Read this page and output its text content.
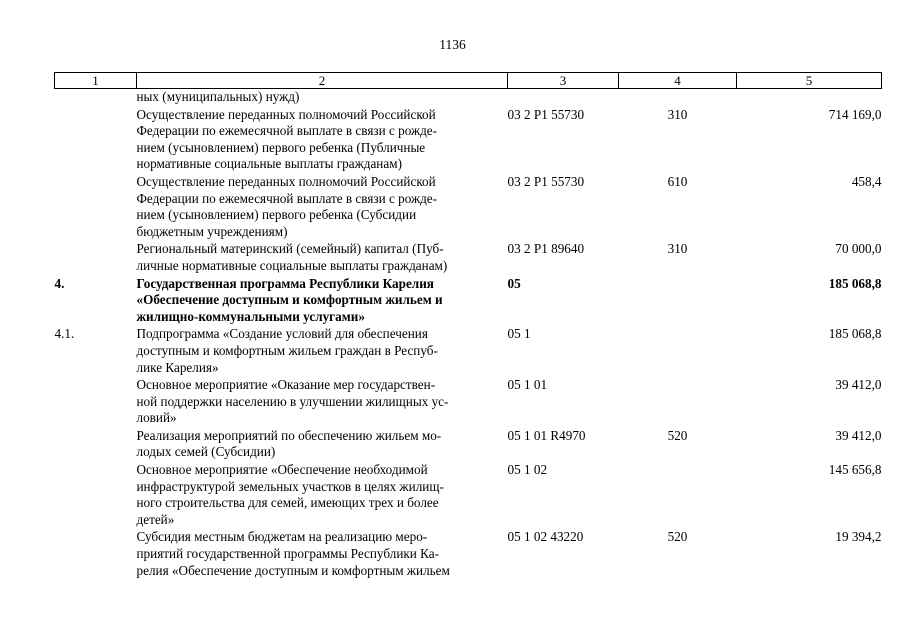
1136
1	2	3	4	5

	ных (муниципальных) нужд)			

	Осуществление переданных полномочий Российской
Федерации по ежемесячной выплате в связи с рожде-
нием (усыновлением) первого ребенка (Публичные
нормативные социальные выплаты гражданам)	03 2 Р1 55730	310	714 169,0

	Осуществление переданных полномочий Российской
Федерации по ежемесячной выплате в связи с рожде-
нием (усыновлением) первого ребенка (Субсидии
бюджетным учреждениям)	03 2 Р1 55730	610	458,4

	Региональный материнский (семейный) капитал (Пуб-
личные нормативные социальные выплаты гражданам)	03 2 Р1 89640	310	70 000,0
4.	Государственная программа Республики Карелия
«Обеспечение доступным и комфортным жильем и
жилищно-коммунальными услугами»	05		185 068,8
4.1.	Подпрограмма «Создание условий для обеспечения
доступным и комфортным жильем граждан в Респуб-
лике Карелия»	05 1		185 068,8

	Основное мероприятие «Оказание мер государствен-
ной поддержки населению в улучшении жилищных ус-
ловий»	05 1 01		39 412,0

	Реализация мероприятий по обеспечению жильем мо-
лодых семей (Субсидии)	05 1 01 R4970	520	39 412,0

	Основное мероприятие «Обеспечение необходимой
инфраструктурой земельных участков в целях жилищ-
ного строительства для семей, имеющих трех и более
детей»	05 1 02		145 656,8

	Субсидия местным бюджетам на реализацию меро-
приятий государственной программы Республики Ка-
релия «Обеспечение доступным и комфортным жильем	05 1 02 43220	520	19 394,2
